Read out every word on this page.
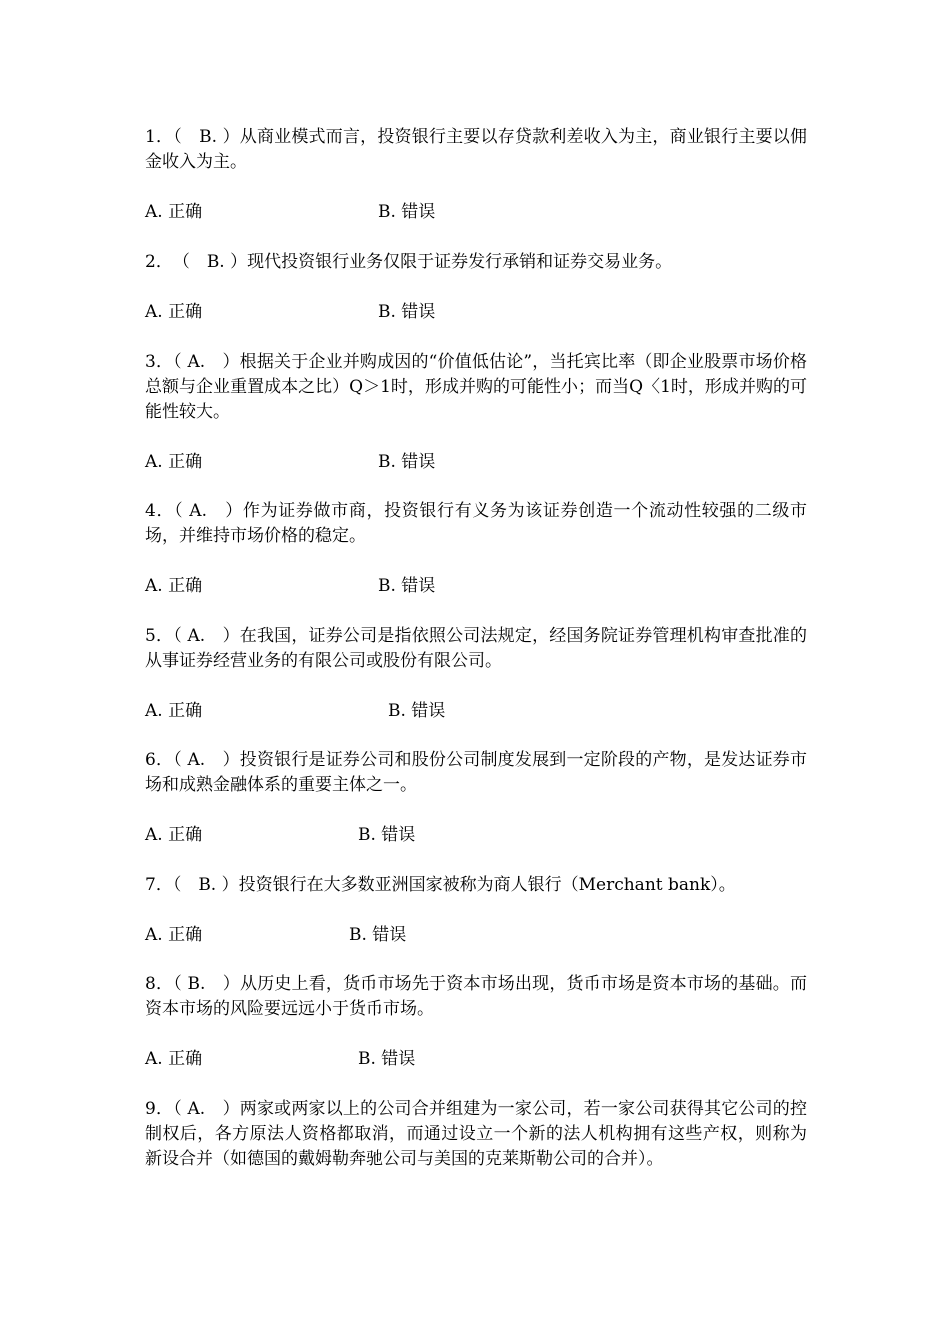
1．（　B. ）从商业模式而言，投资银行主要以存贷款利差收入为主，商业银行主要以佣金收入为主。
A. 正确	B. 错误
2．　（　B. ）现代投资银行业务仅限于证券发行承销和证券交易业务。
A. 正确	B. 错误
3．（ A.　）根据关于企业并购成因的“价值低估论”，当托宾比率（即企业股票市场价格总额与企业重置成本之比）Q＞1时，形成并购的可能性小；而当Q〈1时，形成并购的可能性较大。
A. 正确	B. 错误
4．（ A.　）作为证券做市商，投资银行有义务为该证券创造一个流动性较强的二级市场，并维持市场价格的稳定。
A. 正确	B. 错误
5．（ A.　）在我国，证券公司是指依照公司法规定，经国务院证券管理机构审查批准的从事证券经营业务的有限公司或股份有限公司。
A. 正确	B. 错误
6．（ A.　）投资银行是证券公司和股份公司制度发展到一定阶段的产物，是发达证券市场和成熟金融体系的重要主体之一。
A. 正确	B. 错误
7．（　B. ）投资银行在大多数亚洲国家被称为商人银行（Merchant bank）。
A. 正确	B. 错误
8．（ B.　）从历史上看，货币市场先于资本市场出现，货币市场是资本市场的基础。而资本市场的风险要远远小于货币市场。
A. 正确	B. 错误
9．（ A.　）两家或两家以上的公司合并组建为一家公司，若一家公司获得其它公司的控制权后，各方原法人资格都取消，而通过设立一个新的法人机构拥有这些产权，则称为新设合并（如德国的戴姆勒奔驰公司与美国的克莱斯勒公司的合并）。
